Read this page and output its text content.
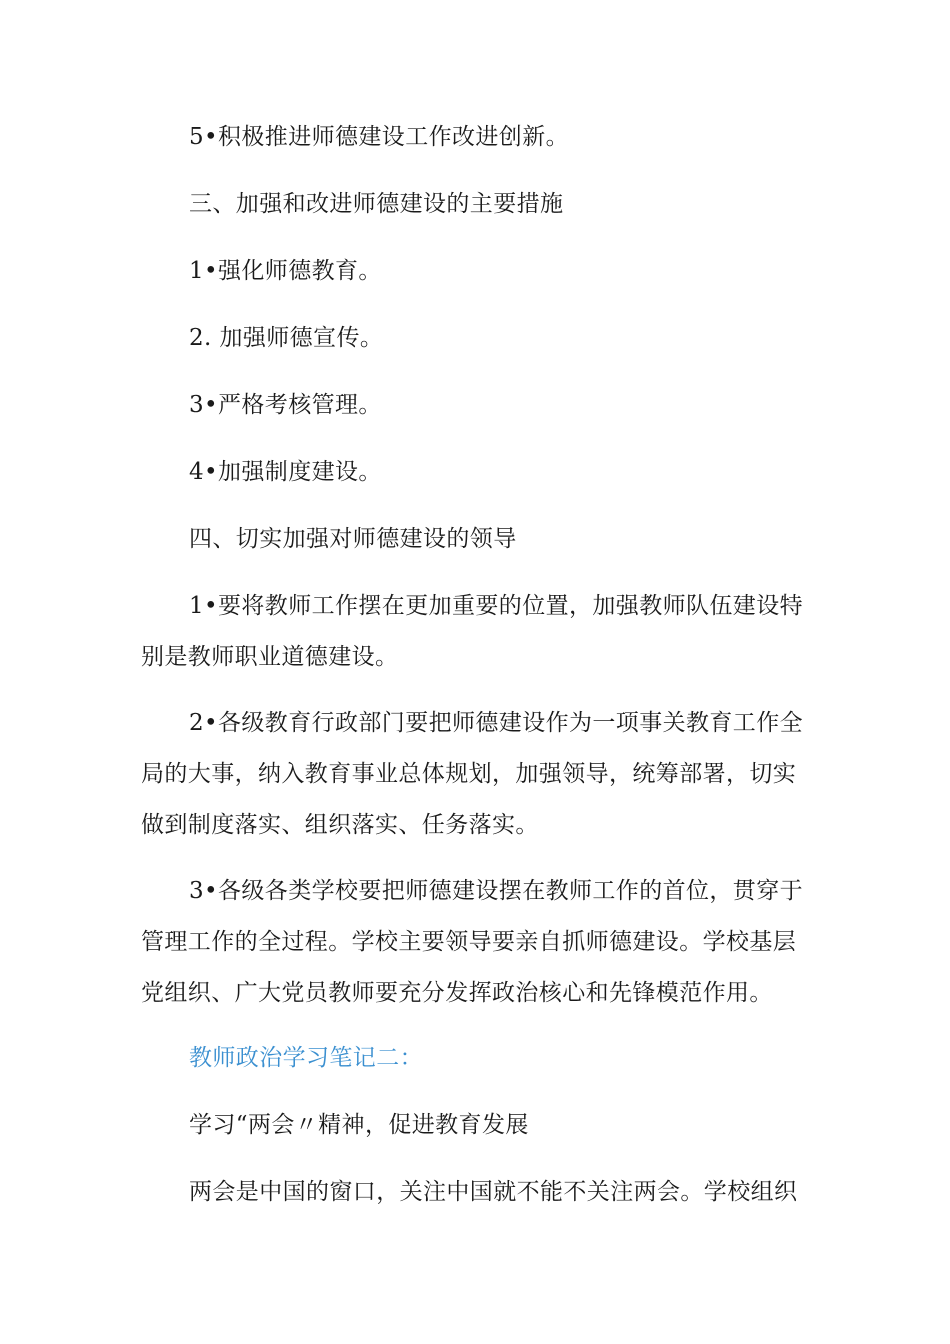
5•积极推进师德建设工作改进创新。
三、加强和改进师德建设的主要措施
1•强化师德教育。
2. 加强师德宣传。
3•严格考核管理。
4•加强制度建设。
四、切实加强对师德建设的领导
1•要将教师工作摆在更加重要的位置，加强教师队伍建设特
别是教师职业道德建设。
2•各级教育行政部门要把师德建设作为一项事关教育工作全
局的大事，纳入教育事业总体规划，加强领导，统筹部署，切实
做到制度落实、组织落实、任务落实。
3•各级各类学校要把师德建设摆在教师工作的首位，贯穿于
管理工作的全过程。学校主要领导要亲自抓师德建设。学校基层
党组织、广大党员教师要充分发挥政治核心和先锋模范作用。
教师政治学习笔记二：
学习“两会〃精神，促进教育发展
两会是中国的窗口，关注中国就不能不关注两会。学校组织
